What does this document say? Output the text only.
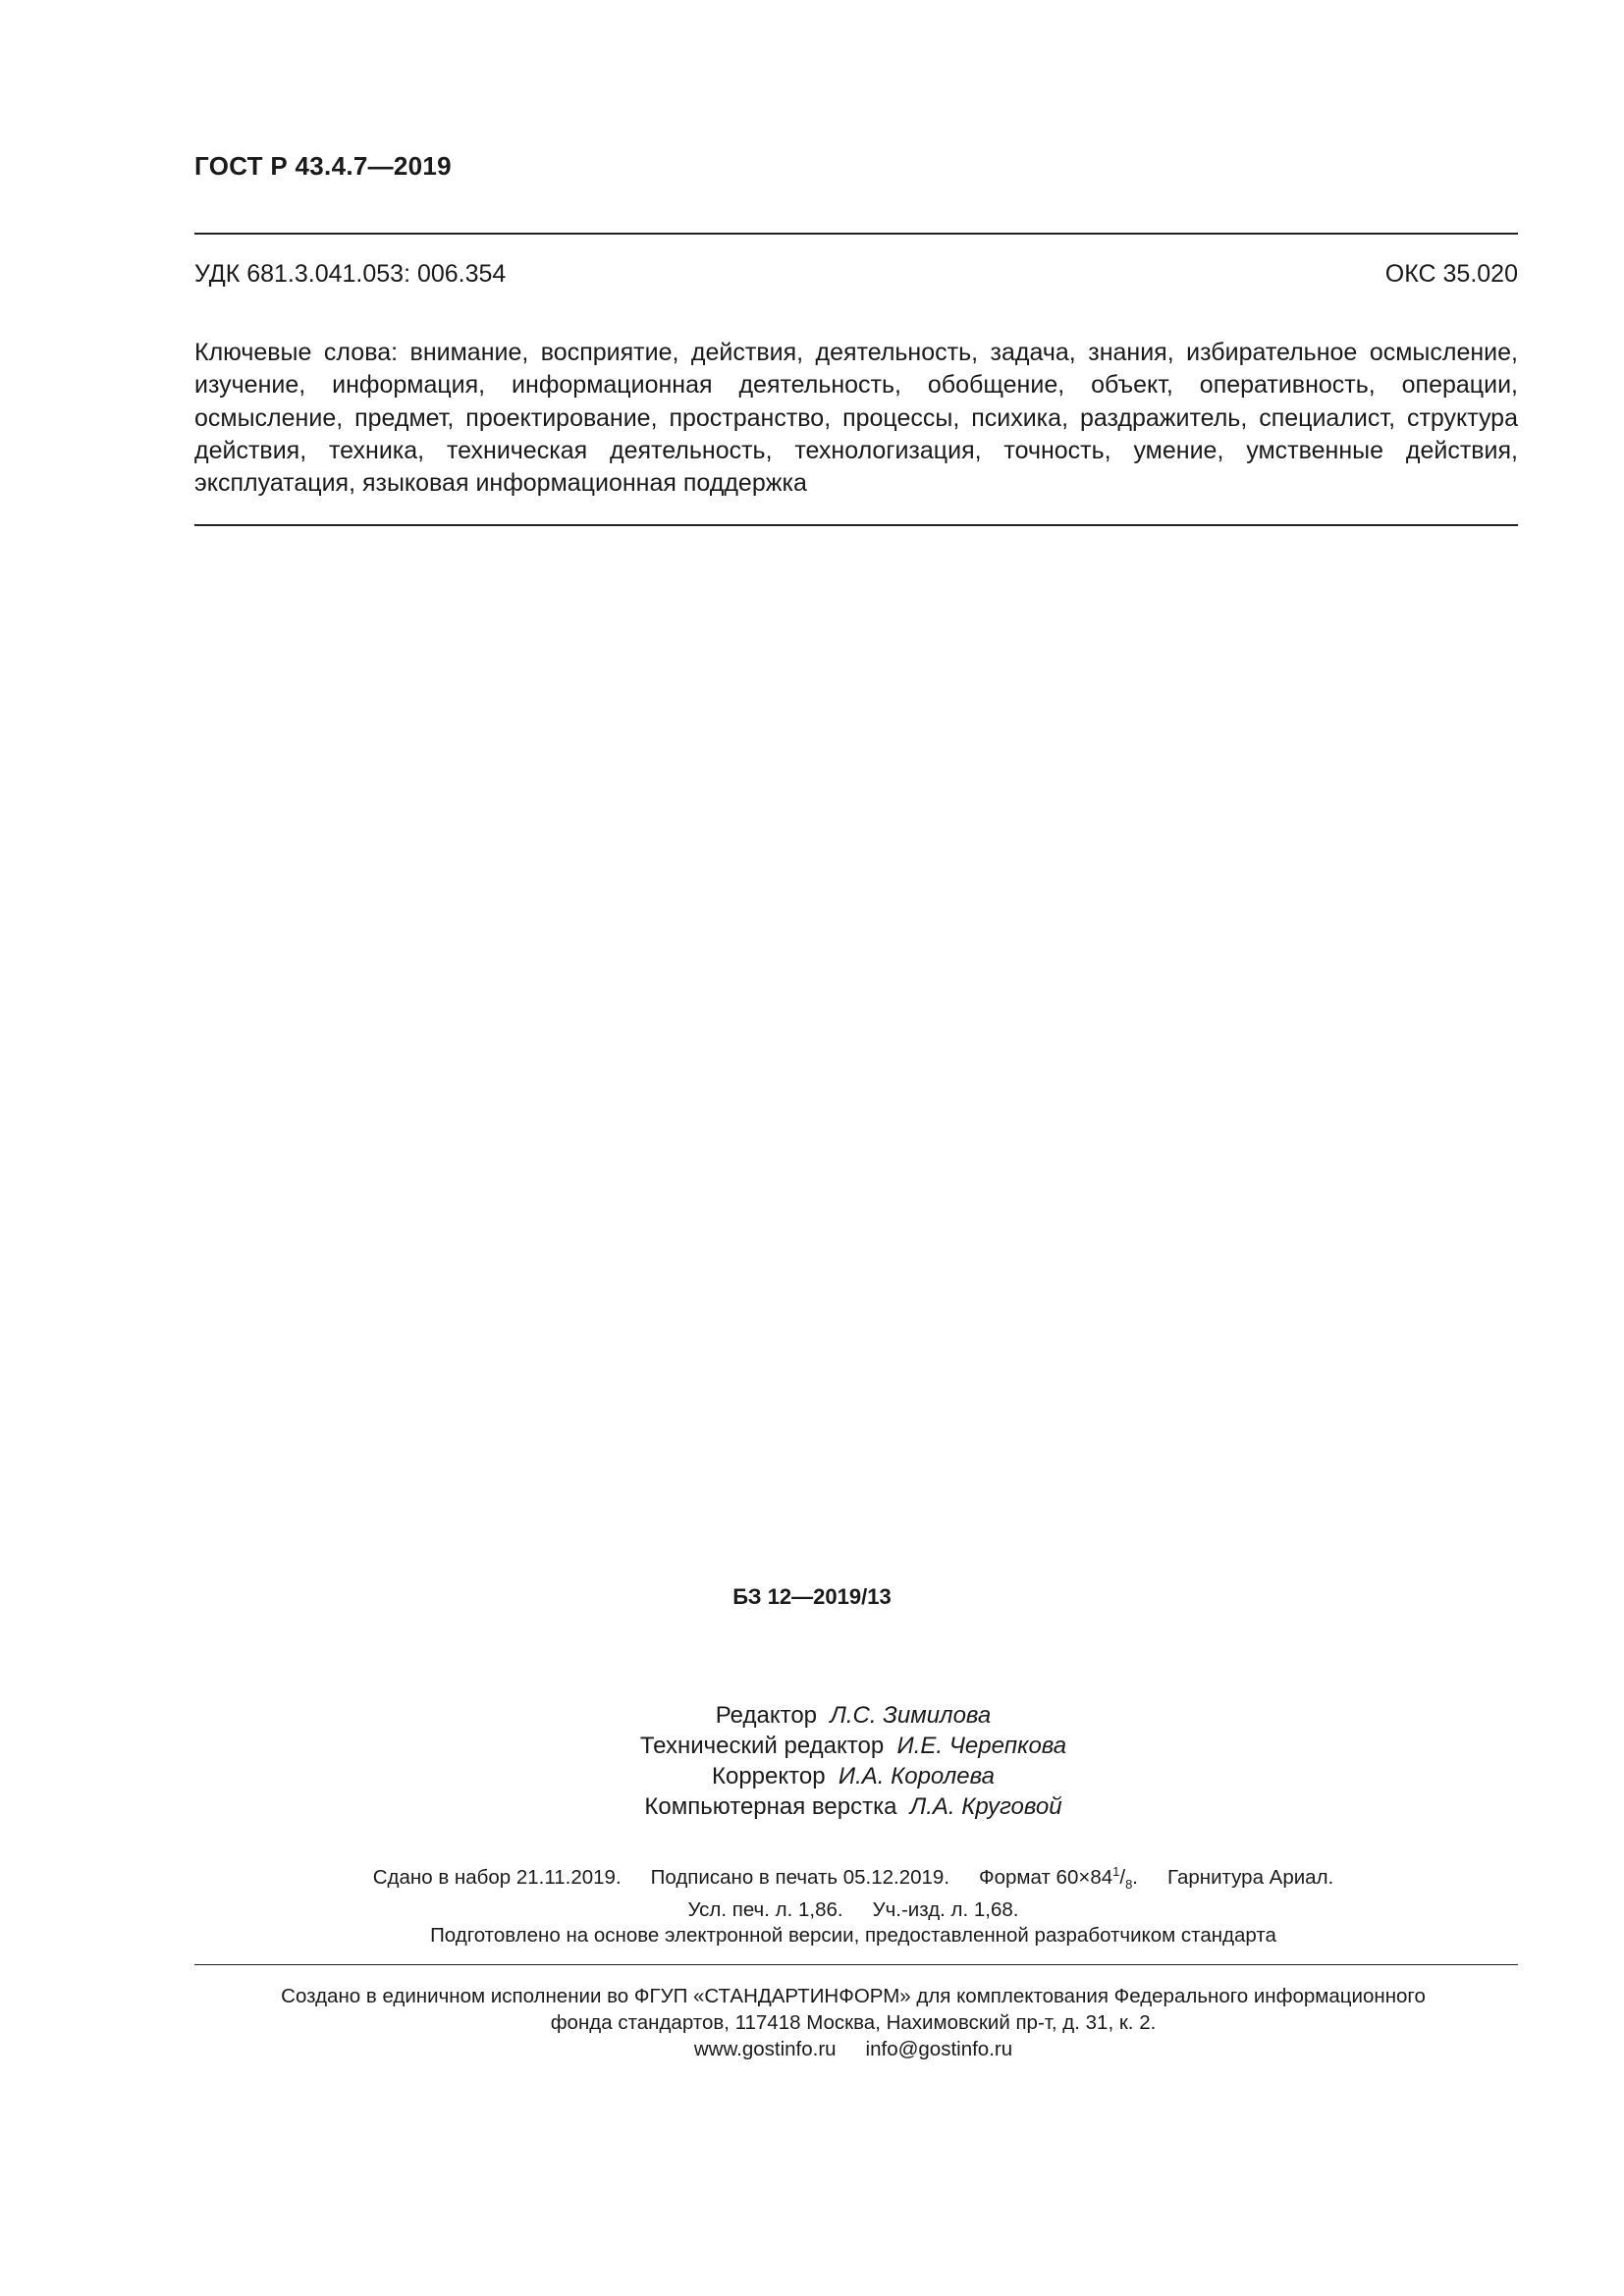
ГОСТ Р 43.4.7—2019
УДК 681.3.041.053: 006.354	ОКС 35.020
Ключевые слова: внимание, восприятие, действия, деятельность, задача, знания, избирательное осмысление, изучение, информация, информационная деятельность, обобщение, объект, оперативность, операции, осмысление, предмет, проектирование, пространство, процессы, психика, раздражитель, специалист, структура действия, техника, техническая деятельность, технологизация, точность, умение, умственные действия, эксплуатация, языковая информационная поддержка
БЗ 12—2019/13
Редактор Л.С. Зимилова
Технический редактор И.Е. Черепкова
Корректор И.А. Королева
Компьютерная верстка Л.А. Круговой
Сдано в набор 21.11.2019. Подписано в печать 05.12.2019. Формат $60\times 84^1/_8$. Гарнитура Ариал.
Усл. печ. л. 1,86. Уч.-изд. л. 1,68.
Подготовлено на основе электронной версии, предоставленной разработчиком стандарта
Создано в единичном исполнении во ФГУП «СТАНДАРТИНФОРМ» для комплектования Федерального информационного
фонда стандартов, 117418 Москва, Нахимовский пр-т, д. 31, к. 2.
www.gostinfo.ru info@gostinfo.ru
